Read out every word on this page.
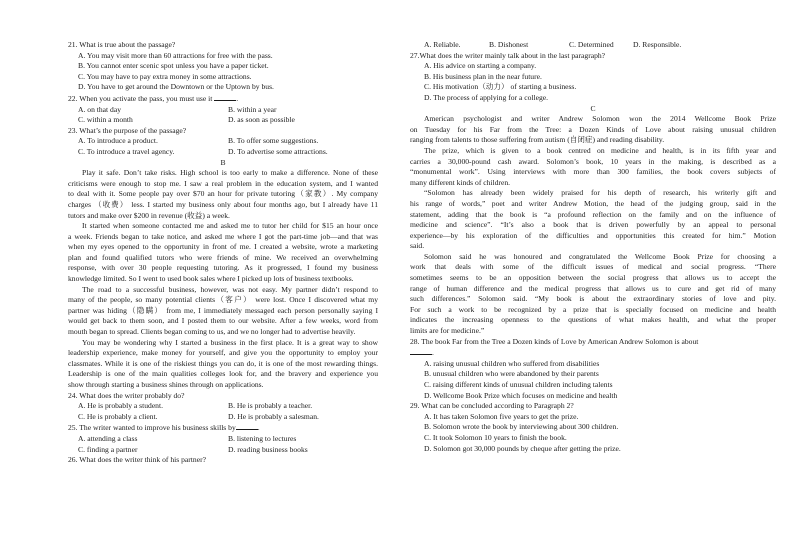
21. What is true about the passage?
A. You may visit more than 60 attractions for free with the pass.
B. You cannot enter scenic spot unless you have a paper ticket.
C. You may have to pay extra money in some attractions.
D. You have to get around the Downtown or the Uptown by bus.
22. When you activate the pass, you must use it	.
A. on that day	B. within a year
C. within a month	D. as soon as possible
23. What’s the purpose of the passage?
A. To introduce a product.	B. To offer some suggestions.
C. To introduce a travel agency.	D. To advertise some attractions.
B
Play it safe. Don’t take risks. High school is too early to make a difference. None of these
criticisms were enough to stop me. I saw a real problem in the education system, and I wanted
to deal with it. Some people pay over $70 an hour for private tutoring（家教）. My company
charges （收费） less. I started my business only about four months ago, but I already have 11
tutors and make over $200 in revenue (收益) a week.
It started when someone contacted me and asked me to tutor her child for $15 an hour once
a week. Friends began to take notice, and asked me where I got the part-time job—and that was
when my eyes opened to the opportunity in front of me. I created a website, wrote a marketing
plan and found qualified tutors who were friends of mine. We received an overwhelming
response, with over 30 people requesting tutoring. As it progressed, I found my business
knowledge limited. So I went to used book sales where I picked up lots of business textbooks.
The road to a successful business, however, was not easy. My partner didn’t respond to
many of the people, so many potential clients（客户） were lost. Once I discovered what my
partner was hiding（隐瞒） from me, I immediately messaged each person personally saying I
would get back to them soon, and I posted them to our website. After a few weeks, word from
mouth began to spread. Clients began coming to us, and we no longer had to advertise heavily.
You may be wondering why I started a business in the first place. It is a great way to show
leadership experience, make money for yourself, and give you the opportunity to employ your
classmates. While it is one of the riskiest things you can do, it is one of the most rewarding things.
Leadership is one of the main qualities colleges look for, and the bravery and experience you
show through starting a business shines through on applications.
24. What does the writer probably do?
A. He is probably a student.	B. He is probably a teacher.
C. He is probably a client.	D. He is probably a salesman.
25. The writer wanted to improve his business skills by	.
A. attending a class	B. listening to lectures
C. finding a partner	D. reading business books
26. What does the writer think of his partner?
A. Reliable.	B. Dishonest	C. Determined	D. Responsible.
27.What does the writer mainly talk about in the last paragraph?
A. His advice on starting a company.
B. His business plan in the near future.
C. His motivation（动力） of starting a business.
D. The process of applying for a college.
C
American psychologist and writer Andrew Solomon won the 2014 Wellcome Book Prize
on Tuesday for his Far from the Tree: a Dozen Kinds of Love about raising unusual children
ranging from talents to those suffering from autism (自闭症) and reading disability.
The prize, which is given to a book centred on medicine and health, is in its fifth year and
carries a 30,000-pound cash award. Solomon’s book, 10 years in the making, is described as a
“monumental work”. Using interviews with more than 300 families, the book covers subjects of
many different kinds of children.
“Solomon has already been widely praised for his depth of research, his writerly gift and
his range of words,” poet and writer Andrew Motion, the head of the judging group, said in the
statement, adding that the book is “a profound reflection on the family and on the influence of
medicine and science”. “It’s also a book that is driven powerfully by an appeal to personal
experience—by his exploration of the difficulties and opportunities this created for him.” Motion
said.
Solomon said he was honoured and congratulated the Wellcome Book Prize for choosing a
work that deals with some of the difficult issues of medical and social progress. “There
sometimes seems to be an opposition between the social progress that allows us to accept the
range of human difference and the medical progress that allows us to cure and get rid of many
such differences.” Solomon said. “My book is about the extraordinary stories of love and pity.
For such a work to be recognized by a prize that is specially focused on medicine and health
indicates the increasing openness to the questions of what makes health, and what the proper
limits are for medicine.”
28. The book Far from the Tree a Dozen kinds of Love by American Andrew Solomon is about
.
A. raising unusual children who suffered from disabilities
B. unusual children who were abandoned by their parents
C. raising different kinds of unusual children including talents
D. Wellcome Book Prize which focuses on medicine and health
29. What can be concluded according to Paragraph 2?
A. It has taken Solomon five years to get the prize.
B. Solomon wrote the book by interviewing about 300 children.
C. It took Solomon 10 years to finish the book.
D. Solomon got 30,000 pounds by cheque after getting the prize.
